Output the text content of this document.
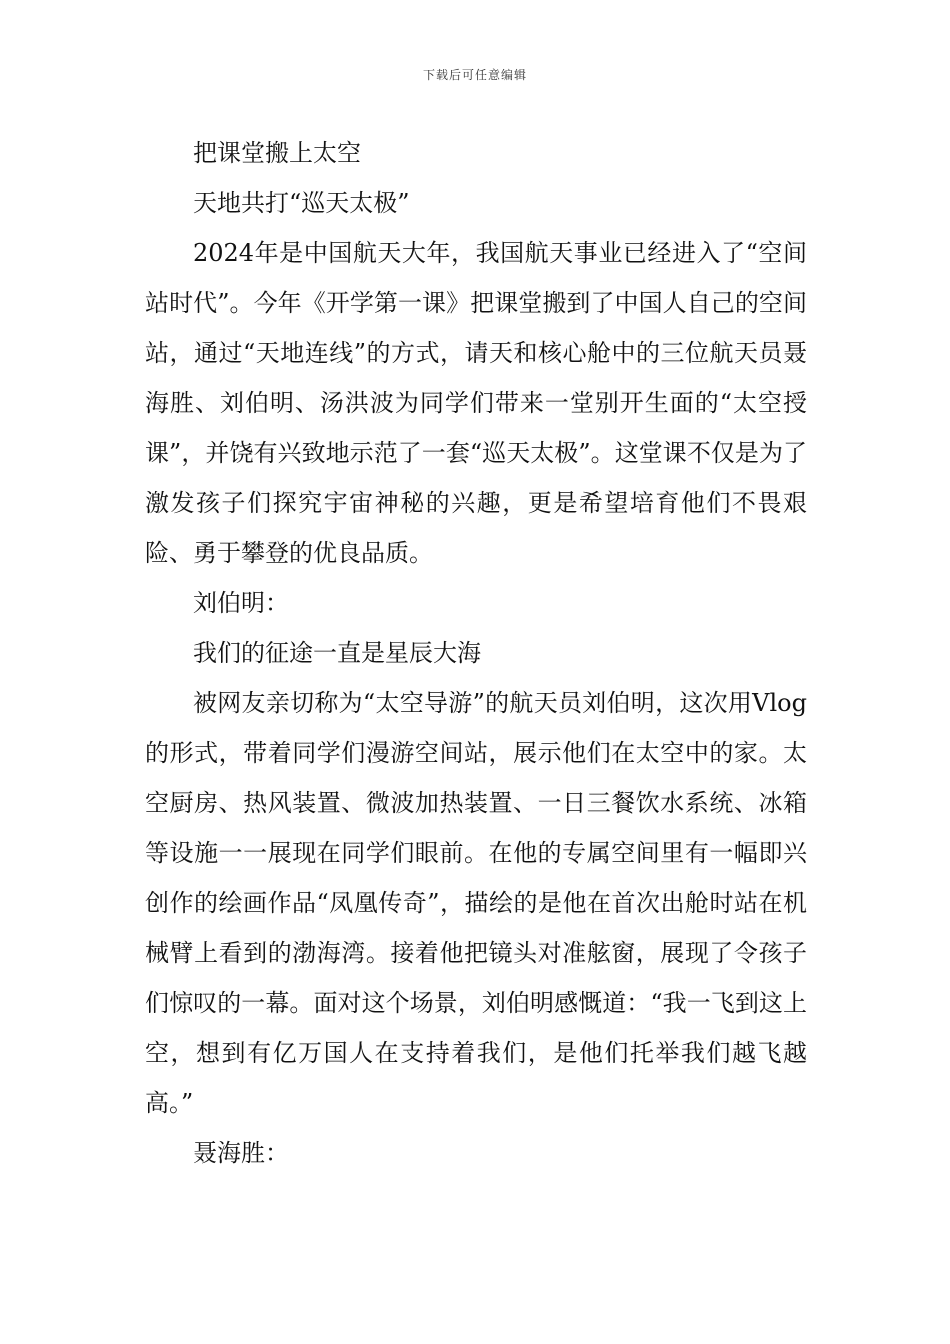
下载后可任意编辑

把课堂搬上太空

天地共打“巡天太极”

2024年是中国航天大年，我国航天事业已经进入了“空间站时代”。今年《开学第一课》把课堂搬到了中国人自己的空间站，通过“天地连线”的方式，请天和核心舱中的三位航天员聂海胜、刘伯明、汤洪波为同学们带来一堂别开生面的“太空授课”，并饶有兴致地示范了一套“巡天太极”。这堂课不仅是为了激发孩子们探究宇宙神秘的兴趣，更是希望培育他们不畏艰险、勇于攀登的优良品质。

刘伯明：

我们的征途一直是星辰大海

被网友亲切称为“太空导游”的航天员刘伯明，这次用Vlog的形式，带着同学们漫游空间站，展示他们在太空中的家。太空厨房、热风装置、微波加热装置、一日三餐饮水系统、冰箱等设施一一展现在同学们眼前。在他的专属空间里有一幅即兴创作的绘画作品“凤凰传奇”，描绘的是他在首次出舱时站在机械臂上看到的渤海湾。接着他把镜头对准舷窗，展现了令孩子们惊叹的一幕。面对这个场景，刘伯明感慨道：“我一飞到这上空，想到有亿万国人在支持着我们，是他们托举我们越飞越高。”

聂海胜：
